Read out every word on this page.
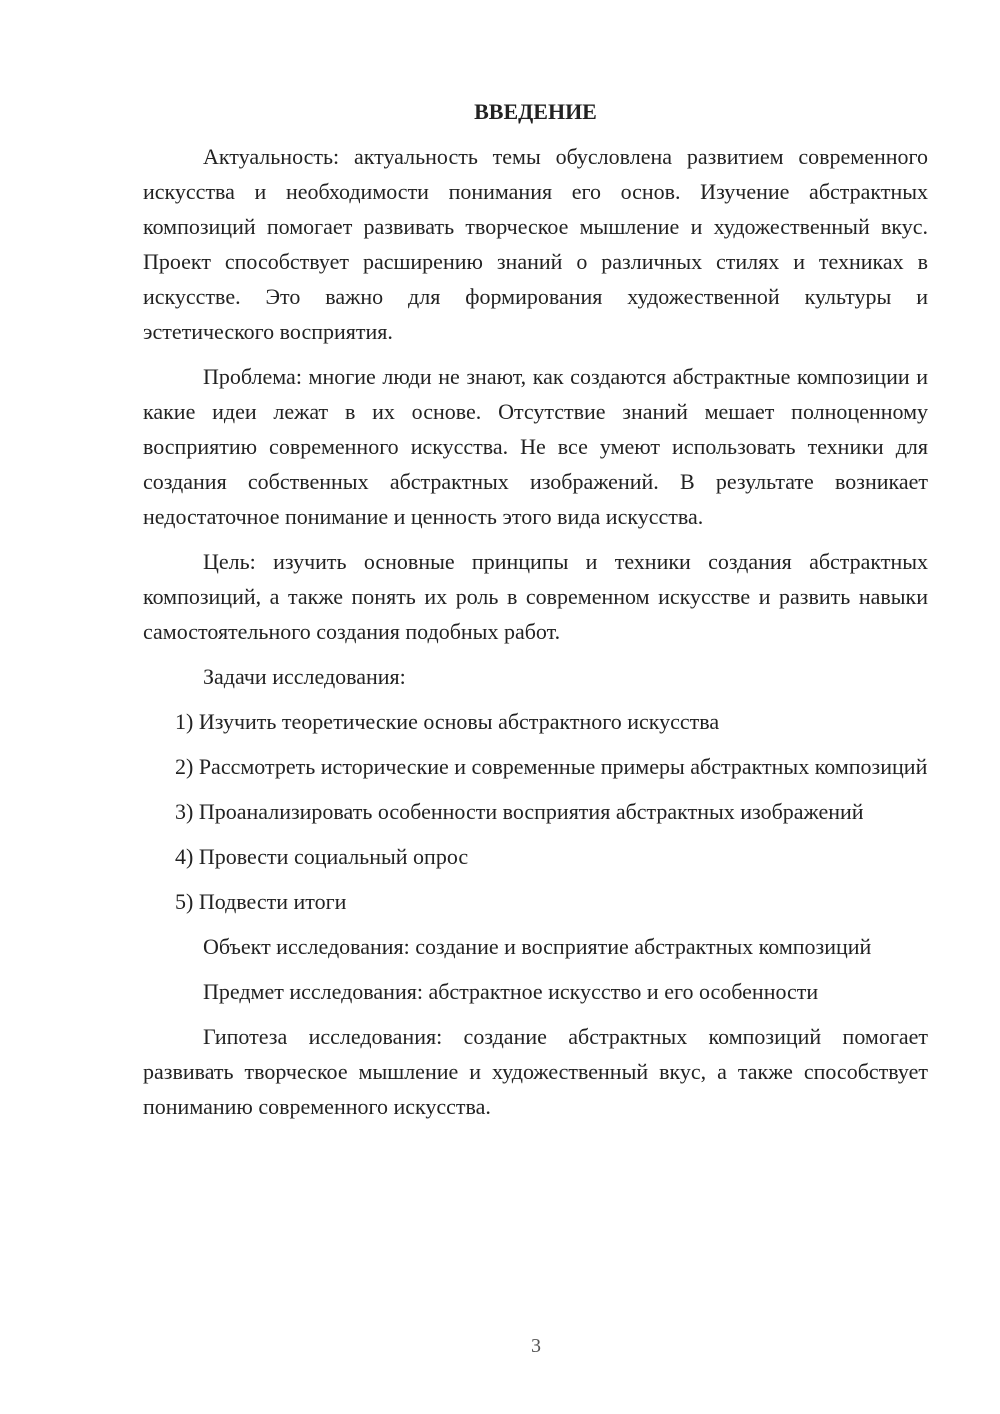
ВВЕДЕНИЕ

Актуальность: актуальность темы обусловлена развитием современного искусства и необходимости понимания его основ. Изучение абстрактных композиций помогает развивать творческое мышление и художественный вкус. Проект способствует расширению знаний о различных стилях и техниках в искусстве. Это важно для формирования художественной культуры и эстетического восприятия.

Проблема: многие люди не знают, как создаются абстрактные композиции и какие идеи лежат в их основе. Отсутствие знаний мешает полноценному восприятию современного искусства. Не все умеют использовать техники для создания собственных абстрактных изображений. В результате возникает недостаточное понимание и ценность этого вида искусства.

Цель: изучить основные принципы и техники создания абстрактных композиций, а также понять их роль в современном искусстве и развить навыки самостоятельного создания подобных работ.

Задачи исследования:

1) Изучить теоретические основы абстрактного искусства

2) Рассмотреть исторические и современные примеры абстрактных композиций

3) Проанализировать особенности восприятия абстрактных изображений

4) Провести социальный опрос

5) Подвести итоги

Объект исследования: создание и восприятие абстрактных композиций

Предмет исследования: абстрактное искусство и его особенности

Гипотеза исследования: создание абстрактных композиций помогает развивать творческое мышление и художественный вкус, а также способствует пониманию современного искусства.

3
